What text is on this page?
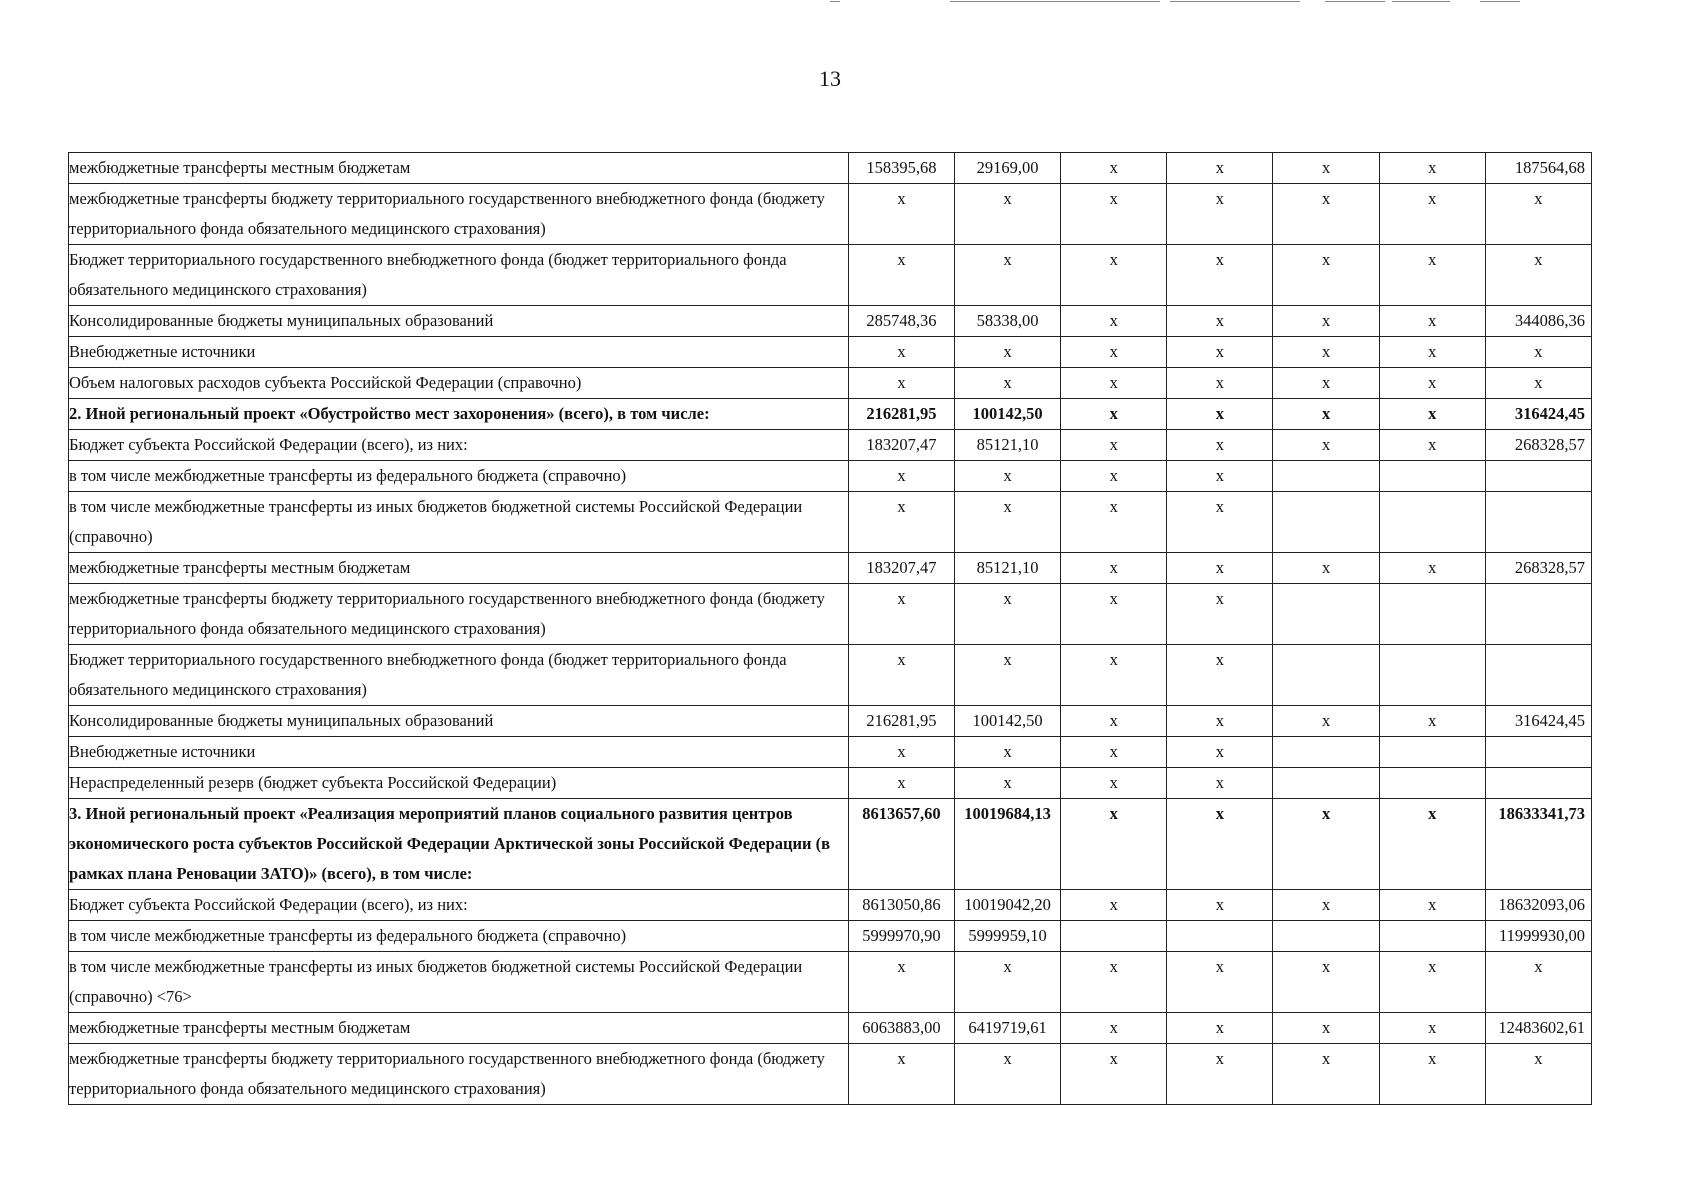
13
межбюджетные трансферты местным бюджетам	158395,68	29169,00	x	x	x	x	187564,68
межбюджетные трансферты бюджету территориального государственного внебюджетного фонда (бюджету территориального фонда обязательного медицинского страхования)	x	x	x	x	x	x	x
Бюджет территориального государственного внебюджетного фонда (бюджет территориального фонда обязательного медицинского страхования)	x	x	x	x	x	x	x
Консолидированные бюджеты муниципальных образований	285748,36	58338,00	x	x	x	x	344086,36
Внебюджетные источники	x	x	x	x	x	x	x
Объем налоговых расходов субъекта Российской Федерации (справочно)	x	x	x	x	x	x	x
2. Иной региональный проект «Обустройство мест захоронения» (всего), в том числе:	216281,95	100142,50	x	x	x	x	316424,45
Бюджет субъекта Российской Федерации (всего), из них:	183207,47	85121,10	x	x	x	x	268328,57
в том числе межбюджетные трансферты из федерального бюджета (справочно)	x	x	x	x			
в том числе межбюджетные трансферты из иных бюджетов бюджетной системы Российской Федерации (справочно)	x	x	x	x			
межбюджетные трансферты местным бюджетам	183207,47	85121,10	x	x	x	x	268328,57
межбюджетные трансферты бюджету территориального государственного внебюджетного фонда (бюджету территориального фонда обязательного медицинского страхования)	x	x	x	x			
Бюджет территориального государственного внебюджетного фонда (бюджет территориального фонда обязательного медицинского страхования)	x	x	x	x			
Консолидированные бюджеты муниципальных образований	216281,95	100142,50	x	x	x	x	316424,45
Внебюджетные источники	x	x	x	x			
Нераспределенный резерв (бюджет субъекта Российской Федерации)	x	x	x	x			
3. Иной региональный проект «Реализация мероприятий планов социального развития центров экономического роста субъектов Российской Федерации Арктической зоны Российской Федерации (в рамках плана Реновации ЗАТО)» (всего), в том числе:	8613657,60	10019684,13	x	x	x	x	18633341,73
Бюджет субъекта Российской Федерации (всего), из них:	8613050,86	10019042,20	x	x	x	x	18632093,06
в том числе межбюджетные трансферты из федерального бюджета (справочно)	5999970,90	5999959,10					11999930,00
в том числе межбюджетные трансферты из иных бюджетов бюджетной системы Российской Федерации (справочно) <76>	x	x	x	x	x	x	x
межбюджетные трансферты местным бюджетам	6063883,00	6419719,61	x	x	x	x	12483602,61
межбюджетные трансферты бюджету территориального государственного внебюджетного фонда (бюджету территориального фонда обязательного медицинского страхования)	x	x	x	x	x	x	x
